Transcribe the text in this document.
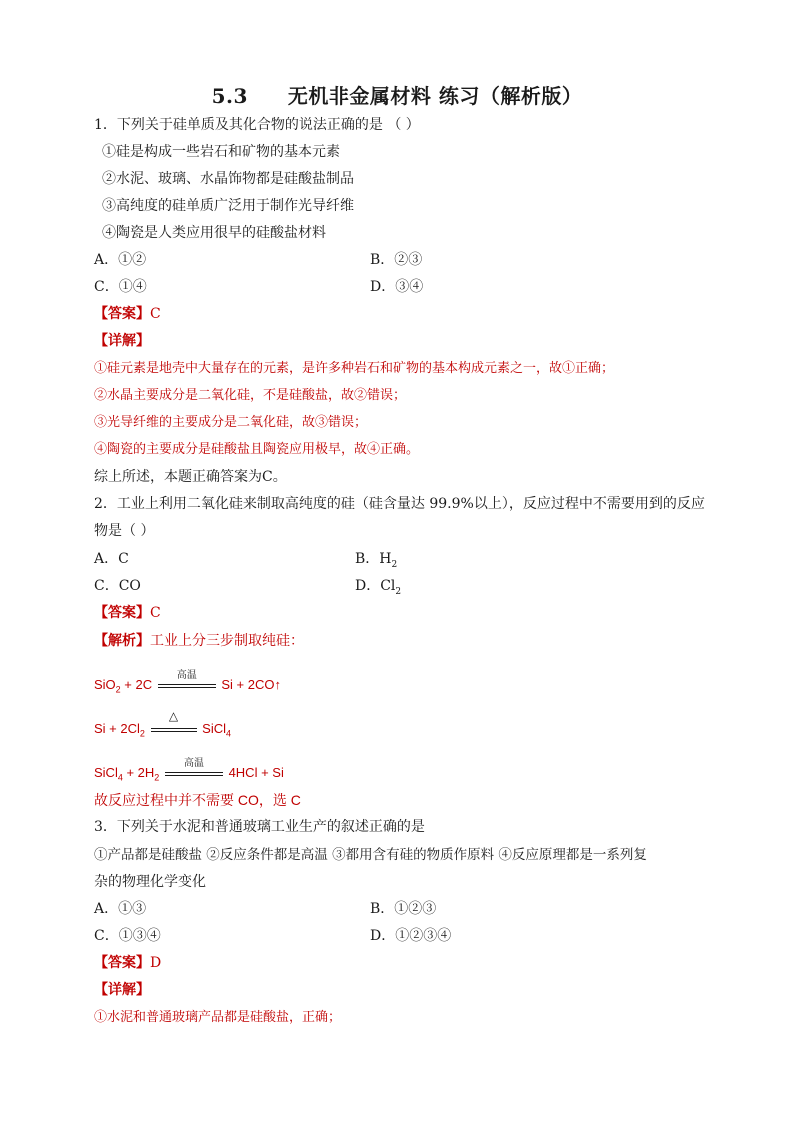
5.3 无机非金属材料 练习（解析版）
1．下列关于硅单质及其化合物的说法正确的是 （ ）
①硅是构成一些岩石和矿物的基本元素
②水泥、玻璃、水晶饰物都是硅酸盐制品
③高纯度的硅单质广泛用于制作光导纤维
④陶瓷是人类应用很早的硅酸盐材料
A．①②	B．②③
C．①④	D．③④
【答案】C
【详解】
①硅元素是地壳中大量存在的元素，是许多种岩石和矿物的基本构成元素之一，故①正确；
②水晶主要成分是二氧化硅，不是硅酸盐，故②错误；
③光导纤维的主要成分是二氧化硅，故③错误；
④陶瓷的主要成分是硅酸盐且陶瓷应用极早，故④正确。
综上所述，本题正确答案为C。
2．工业上利用二氧化硅来制取高纯度的硅（硅含量达 99.9%以上），反应过程中不需要用到的反应
物是（ ）
A．C	B．$H_2$
C．CO	D．$Cl_2$
【答案】C
【解析】工业上分三步制取纯硅：
SiO$_2$ + 2C
高温
Si + 2CO↑
$Si + 2Cl_2$
△
SiCl$_4$
SiCl$_4$ + $2H_2$
高温
4HCl + Si
故反应过程中并不需要 CO，选 C
3．下列关于水泥和普通玻璃工业生产的叙述正确的是
①产品都是硅酸盐 ②反应条件都是高温 ③都用含有硅的物质作原料 ④反应原理都是一系列复
杂的物理化学变化
A．①③	B．①②③
C．①③④	D．①②③④
【答案】D
【详解】
①水泥和普通玻璃产品都是硅酸盐，正确；
